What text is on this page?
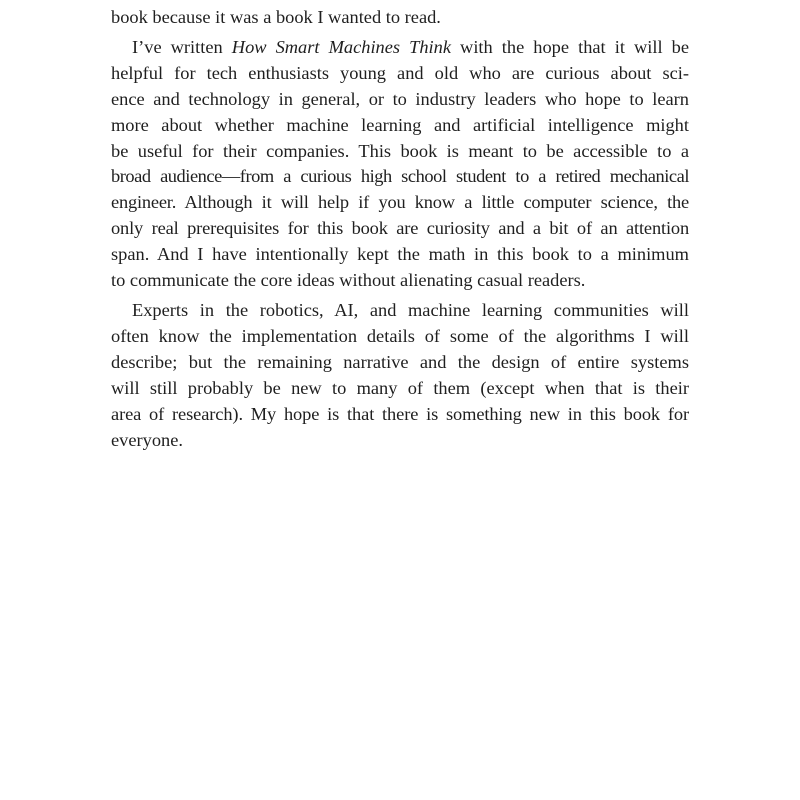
book because it was a book I wanted to read.

I’ve written How Smart Machines Think with the hope that it will be
helpful for tech enthusiasts young and old who are curious about sci-
ence and technology in general, or to industry leaders who hope to learn
more about whether machine learning and artificial intelligence might
be useful for their companies. This book is meant to be accessible to a
broad audience—from a curious high school student to a retired mechanical
engineer. Although it will help if you know a little computer science, the
only real prerequisites for this book are curiosity and a bit of an attention
span. And I have intentionally kept the math in this book to a minimum
to communicate the core ideas without alienating casual readers.

Experts in the robotics, AI, and machine learning communities will
often know the implementation details of some of the algorithms I will
describe; but the remaining narrative and the design of entire systems
will still probably be new to many of them (except when that is their
area of research). My hope is that there is something new in this book for
everyone.
